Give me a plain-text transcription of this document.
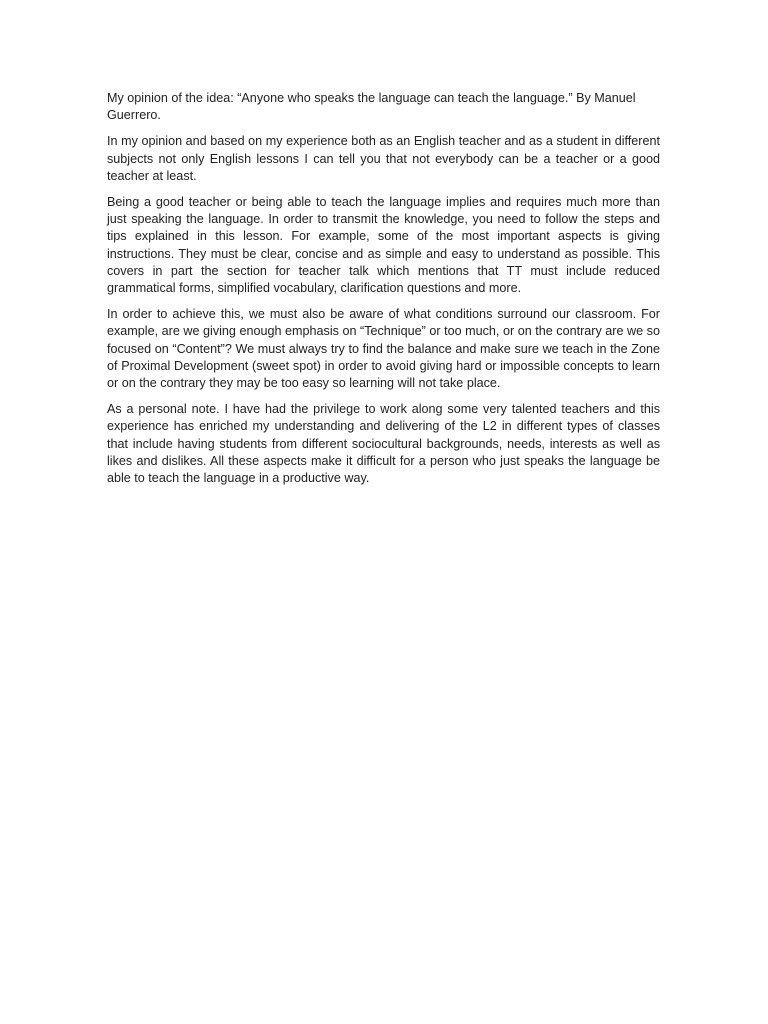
My opinion of the idea: “Anyone who speaks the language can teach the language.” By Manuel Guerrero.

In my opinion and based on my experience both as an English teacher and as a student in different subjects not only English lessons I can tell you that not everybody can be a teacher or a good teacher at least.

Being a good teacher or being able to teach the language implies and requires much more than just speaking the language. In order to transmit the knowledge, you need to follow the steps and tips explained in this lesson. For example, some of the most important aspects is giving instructions. They must be clear, concise and as simple and easy to understand as possible. This covers in part the section for teacher talk which mentions that TT must include reduced grammatical forms, simplified vocabulary, clarification questions and more.

In order to achieve this, we must also be aware of what conditions surround our classroom. For example, are we giving enough emphasis on “Technique” or too much, or on the contrary are we so focused on “Content”? We must always try to find the balance and make sure we teach in the Zone of Proximal Development (sweet spot) in order to avoid giving hard or impossible concepts to learn or on the contrary they may be too easy so learning will not take place.

As a personal note. I have had the privilege to work along some very talented teachers and this experience has enriched my understanding and delivering of the L2 in different types of classes that include having students from different sociocultural backgrounds, needs, interests as well as likes and dislikes. All these aspects make it difficult for a person who just speaks the language be able to teach the language in a productive way.
